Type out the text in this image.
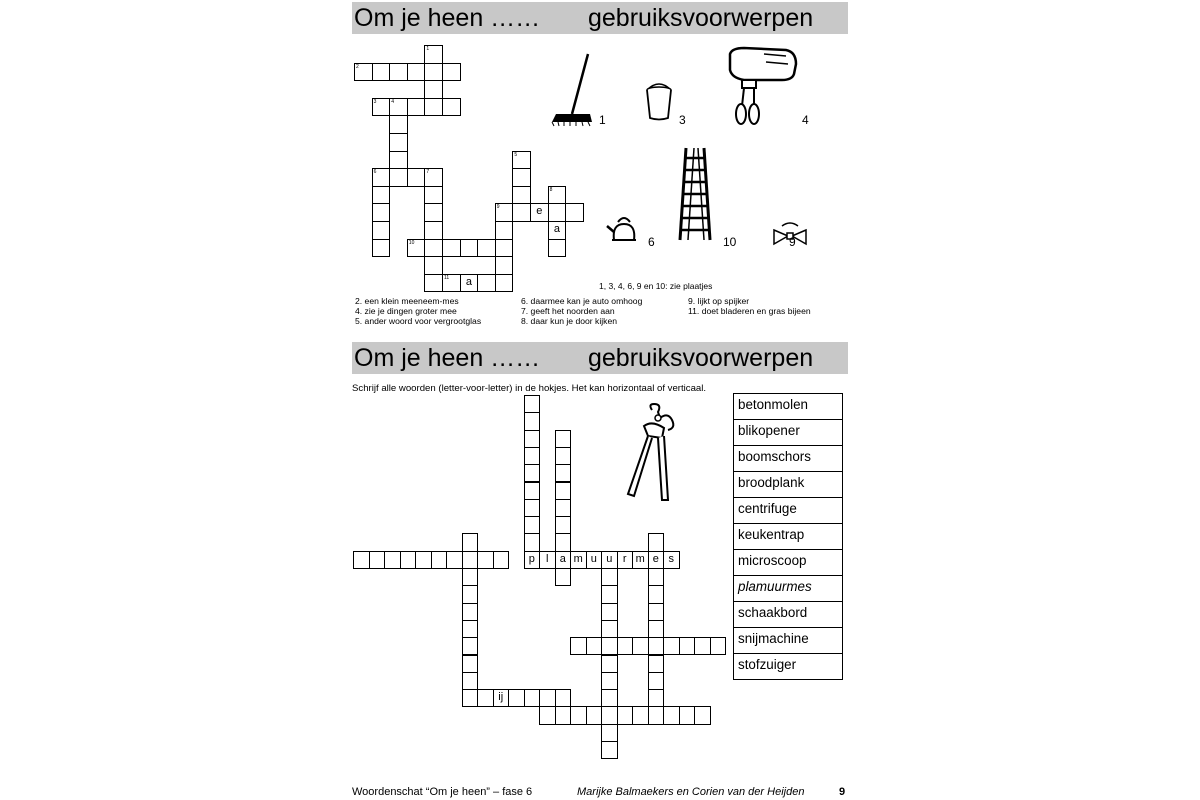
Om je heen …… gebruiksvoorwerpen
1
2
3	4
5
6	7
8
a
9	e
10
11	a
1	3	4
6	10	9
1, 3, 4, 6, 9 en 10: zie plaatjes
2. een klein meeneem-mes
4. zie je dingen groter mee
5. ander woord voor vergrootglas
6. daarmee kan je auto omhoog
7. geeft het noorden aan
8. daar kun je door kijken
9. lijkt op spijker
11. doet bladeren en gras bijeen
Om je heen …… gebruiksvoorwerpen
Schrijf alle woorden (letter-voor-letter) in de hokjes. Het kan horizontaal of verticaal.
p	a
l	m u u r m e s
ij
betonmolen
blikopener
boomschors
broodplank
centrifuge
keukentrap
microscoop
plamuurmes
schaakbord
snijmachine
stofzuiger
Woordenschat “Om je heen” – fase 6	Marijke Balmaekers en Corien van der Heijden	9
